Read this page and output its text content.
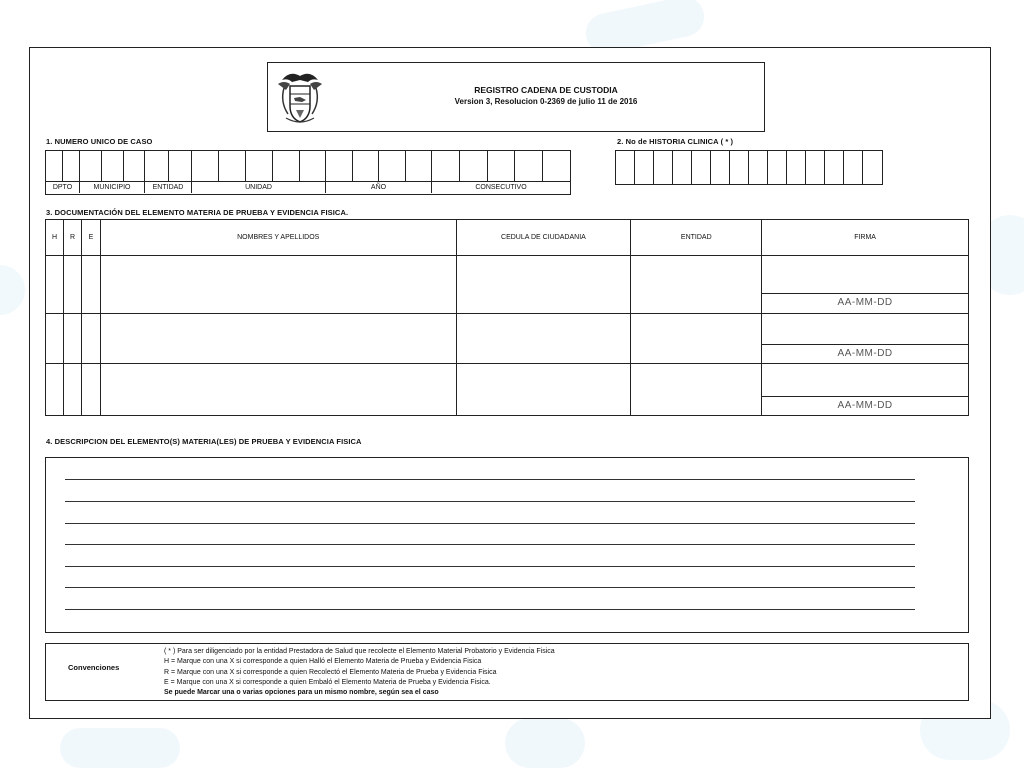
REGISTRO CADENA DE CUSTODIA
Version 3, Resolucion 0-2369 de julio 11 de 2016
1. NUMERO UNICO DE CASO
DPTO	MUNICIPIO	ENTIDAD	UNIDAD	AÑO	CONSECUTIVO
2. No de HISTORIA CLINICA ( * )
3. DOCUMENTACIÓN DEL ELEMENTO MATERIA DE PRUEBA Y EVIDENCIA FISICA.
H	R	E	NOMBRES Y APELLIDOS	CEDULA DE CIUDADANIA	ENTIDAD	FIRMA

						AA-MM-DD

						AA-MM-DD

						AA-MM-DD
4. DESCRIPCION DEL ELEMENTO(S) MATERIA(LES) DE PRUEBA Y EVIDENCIA FISICA
Convenciones
( * ) Para ser diligenciado por la entidad Prestadora de Salud que recolecte el Elemento Material Probatorio y Evidencia Fisica
H = Marque con una X si corresponde a quien Halló el Elemento Materia de Prueba y Evidencia Fisica
R = Marque con una X si corresponde a quien Recolectó el Elemento Materia de Prueba y Evidencia Fisica
E = Marque con una X si corresponde a quien Embaló el Elemento Materia de Prueba y Evidencia Fisica.
Se puede Marcar una o varias opciones para un mismo nombre, según sea el caso
